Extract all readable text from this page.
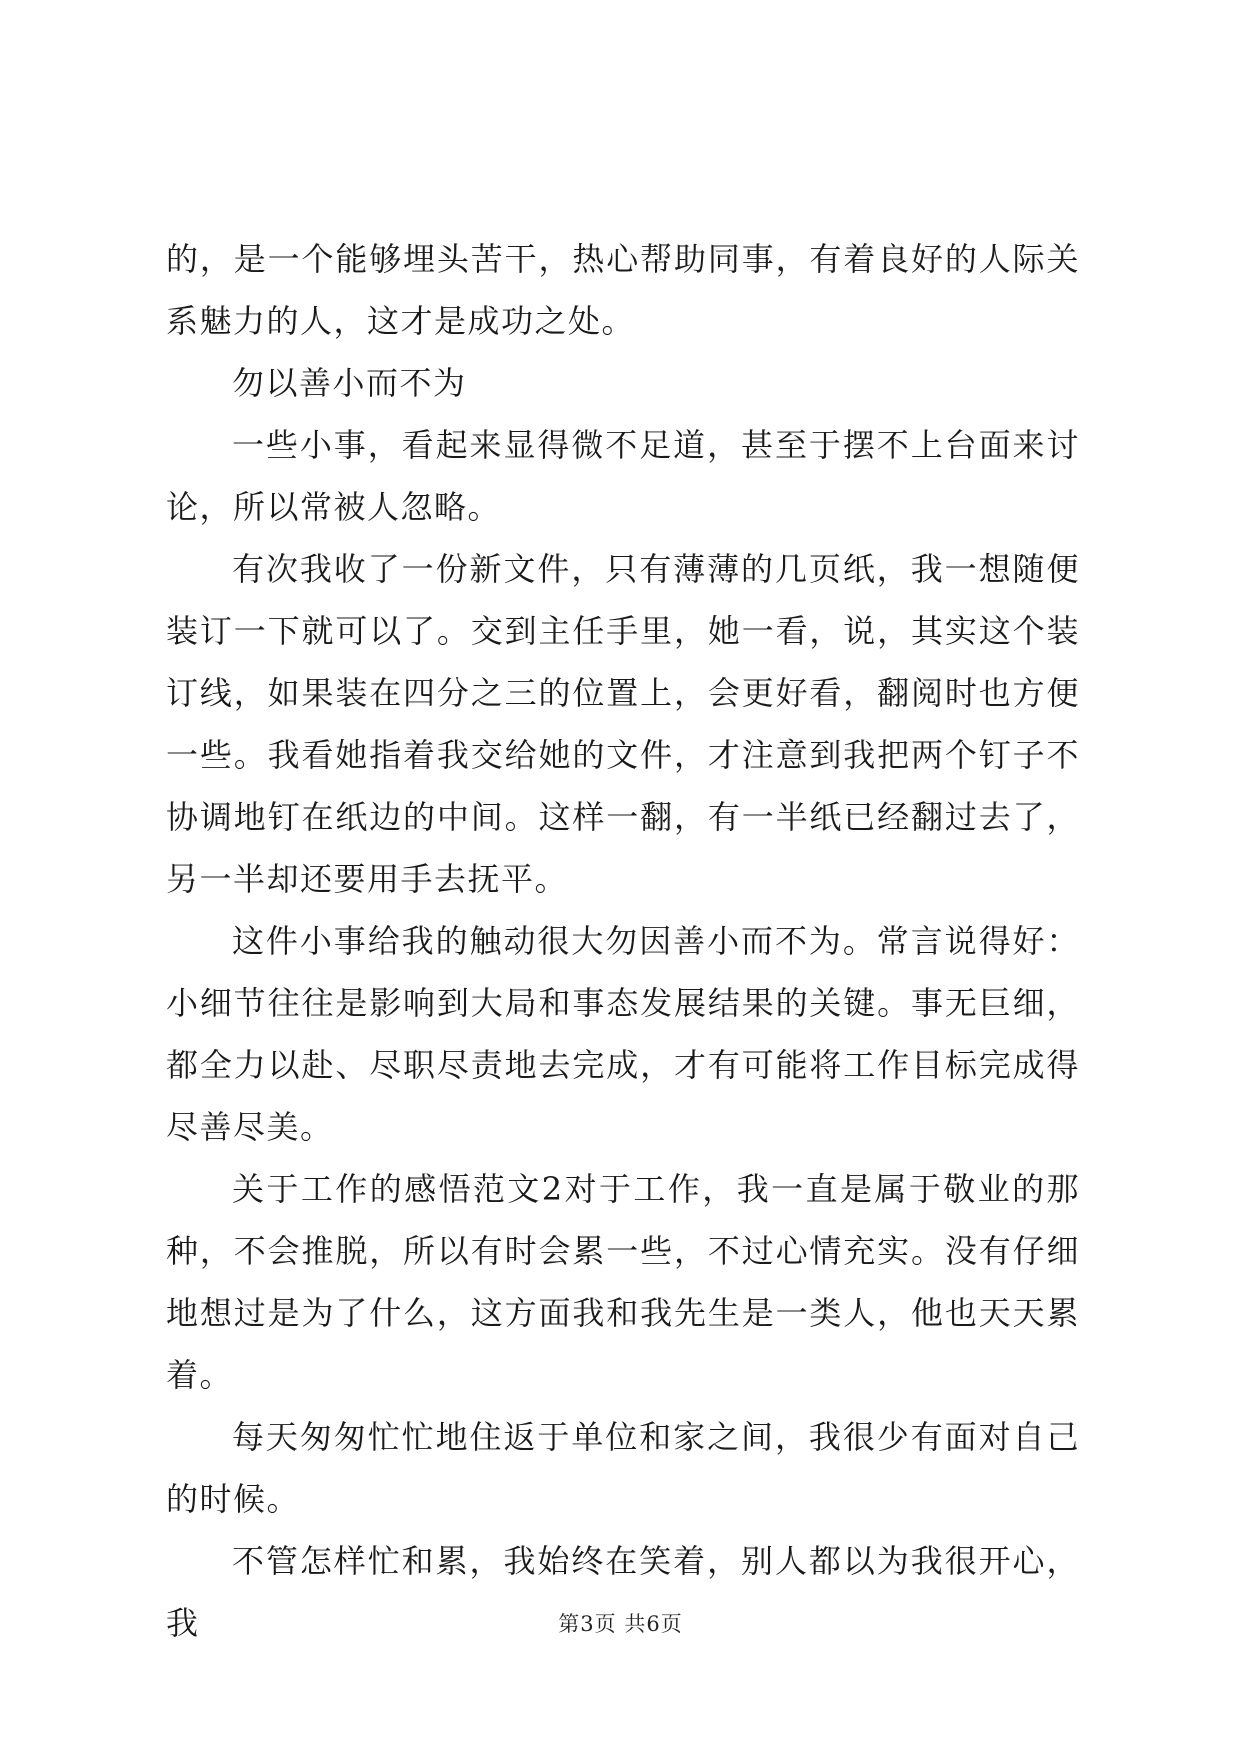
的，是一个能够埋头苦干，热心帮助同事，有着良好的人际关系魅力的人，这才是成功之处。

勿以善小而不为

一些小事，看起来显得微不足道，甚至于摆不上台面来讨论，所以常被人忽略。

有次我收了一份新文件，只有薄薄的几页纸，我一想随便装订一下就可以了。交到主任手里，她一看，说，其实这个装订线，如果装在四分之三的位置上，会更好看，翻阅时也方便一些。我看她指着我交给她的文件，才注意到我把两个钉子不协调地钉在纸边的中间。这样一翻，有一半纸已经翻过去了，另一半却还要用手去抚平。

这件小事给我的触动很大勿因善小而不为。常言说得好：小细节往往是影响到大局和事态发展结果的关键。事无巨细，都全力以赴、尽职尽责地去完成，才有可能将工作目标完成得尽善尽美。

关于工作的感悟范文2对于工作，我一直是属于敬业的那种，不会推脱，所以有时会累一些，不过心情充实。没有仔细地想过是为了什么，这方面我和我先生是一类人，他也天天累着。

每天匆匆忙忙地住返于单位和家之间，我很少有面对自己的时候。

不管怎样忙和累，我始终在笑着，别人都以为我很开心，我	第3页 共6页
